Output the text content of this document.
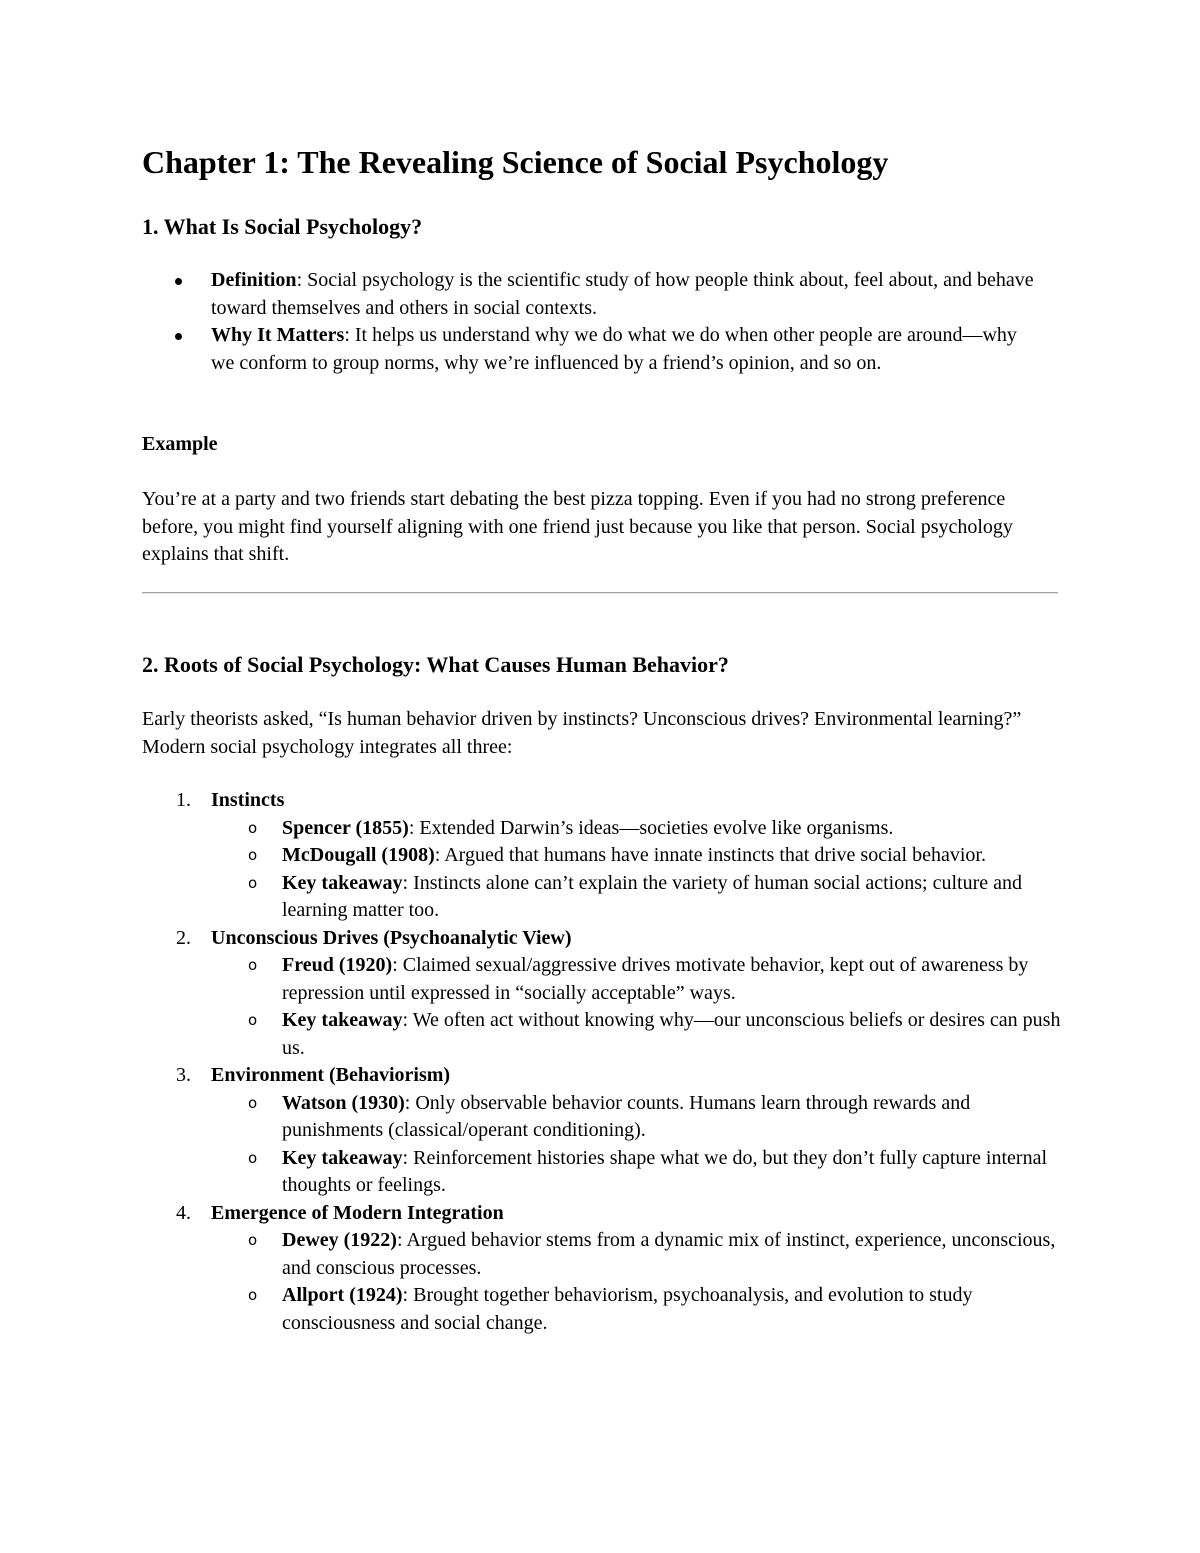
Chapter 1: The Revealing Science of Social Psychology
1. What Is Social Psychology?
Definition: Social psychology is the scientific study of how people think about, feel about, and behave toward themselves and others in social contexts.
Why It Matters: It helps us understand why we do what we do when other people are around—why we conform to group norms, why we’re influenced by a friend’s opinion, and so on.

Example

You’re at a party and two friends start debating the best pizza topping. Even if you had no strong preference before, you might find yourself aligning with one friend just because you like that person. Social psychology explains that shift.

2. Roots of Social Psychology: What Causes Human Behavior?

Early theorists asked, “Is human behavior driven by instincts? Unconscious drives? Environmental learning?” Modern social psychology integrates all three:

1. Instincts
o Spencer (1855): Extended Darwin’s ideas—societies evolve like organisms.
o McDougall (1908): Argued that humans have innate instincts that drive social behavior.
o Key takeaway: Instincts alone can’t explain the variety of human social actions; culture and learning matter too.
2. Unconscious Drives (Psychoanalytic View)
o Freud (1920): Claimed sexual/aggressive drives motivate behavior, kept out of awareness by repression until expressed in “socially acceptable” ways.
o Key takeaway: We often act without knowing why—our unconscious beliefs or desires can push us.
3. Environment (Behaviorism)
o Watson (1930): Only observable behavior counts. Humans learn through rewards and punishments (classical/operant conditioning).
o Key takeaway: Reinforcement histories shape what we do, but they don’t fully capture internal thoughts or feelings.
4. Emergence of Modern Integration
o Dewey (1922): Argued behavior stems from a dynamic mix of instinct, experience, unconscious, and conscious processes.
o Allport (1924): Brought together behaviorism, psychoanalysis, and evolution to study consciousness and social change.
